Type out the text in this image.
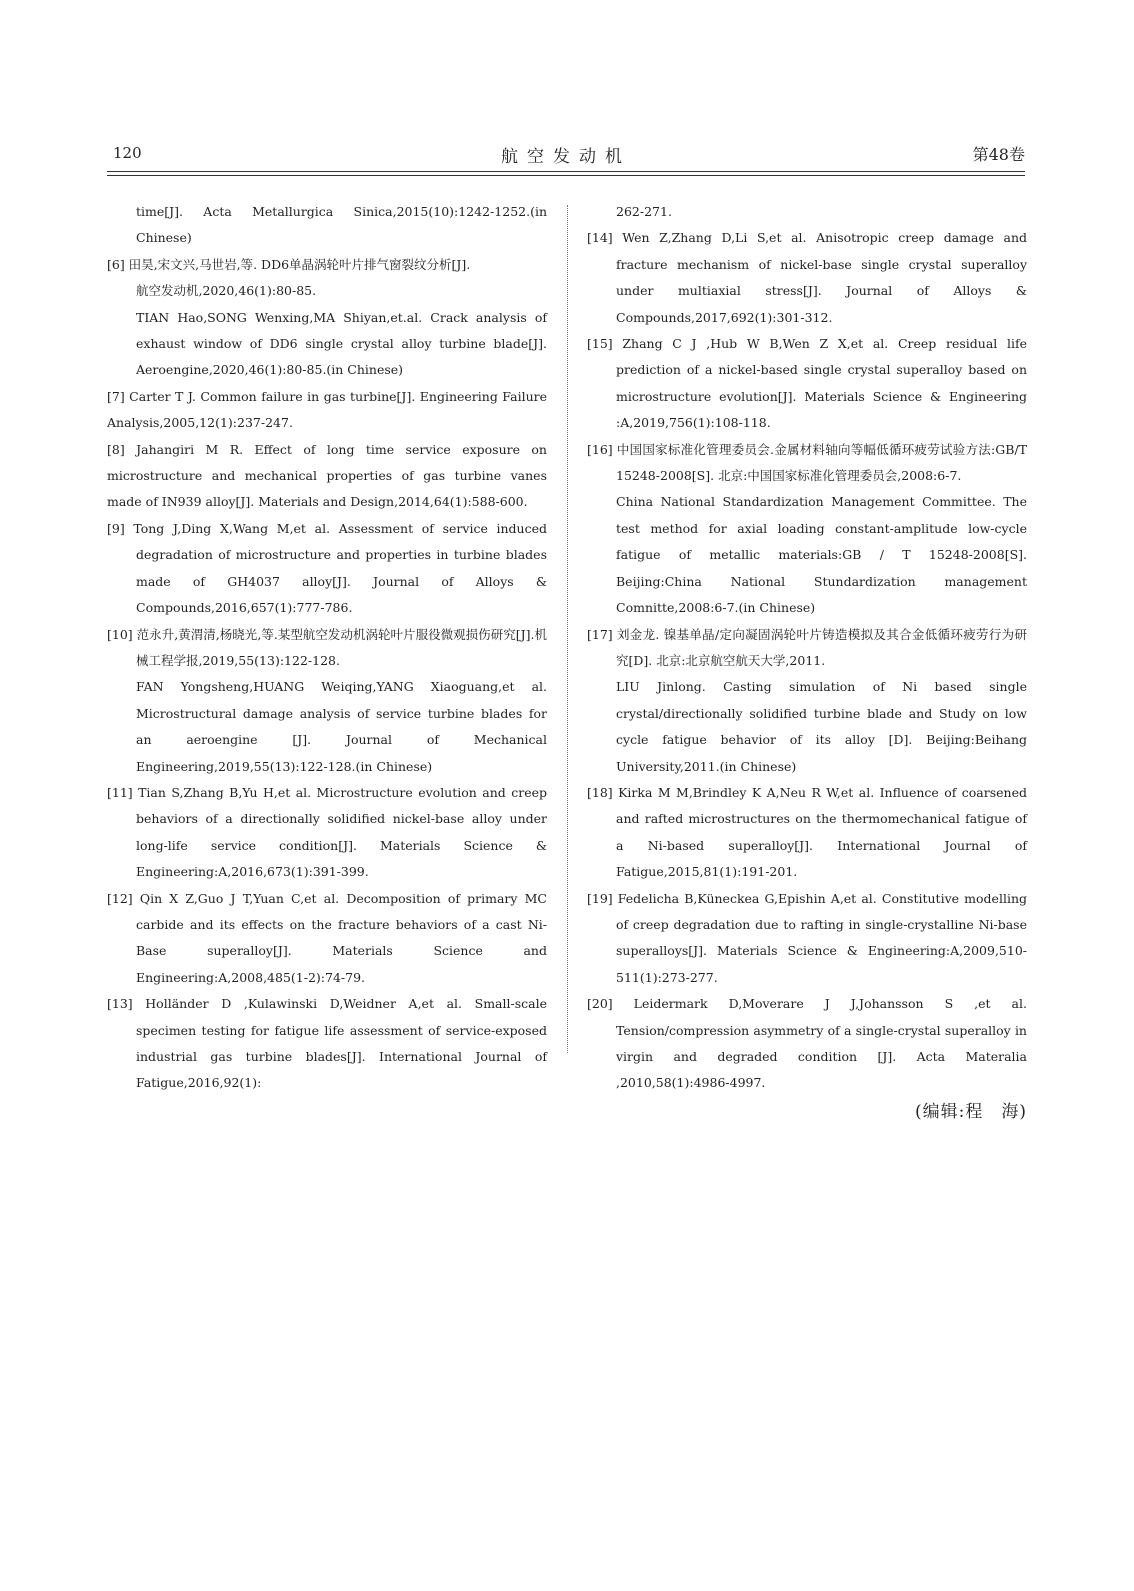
120	航空发动机	第48卷
time[J]. Acta Metallurgica Sinica,2015(10):1242-1252.(in Chinese)
[6] 田昊,宋文兴,马世岩,等. DD6单晶涡轮叶片排气窗裂纹分析[J].
航空发动机,2020,46(1):80-85.
TIAN Hao,SONG Wenxing,MA Shiyan,et.al. Crack analysis of exhaust window of DD6 single crystal alloy turbine blade[J]. Aeroengine,2020,46(1):80-85.(in Chinese)
[7] Carter T J. Common failure in gas turbine[J]. Engineering Failure Analysis,2005,12(1):237-247.
[8] Jahangiri M R. Effect of long time service exposure on microstructure and mechanical properties of gas turbine vanes made of IN939 alloy[J]. Materials and Design,2014,64(1):588-600.
[9] Tong J,Ding X,Wang M,et al. Assessment of service induced degradation of microstructure and properties in turbine blades made of GH4037 alloy[J]. Journal of Alloys & Compounds,2016,657(1):777-786.
[10] 范永升,黄渭清,杨晓光,等.某型航空发动机涡轮叶片服役微观损伤研究[J].机械工程学报,2019,55(13):122-128.
FAN Yongsheng,HUANG Weiqing,YANG Xiaoguang,et al. Microstructural damage analysis of service turbine blades for an aeroengine [J]. Journal of Mechanical Engineering,2019,55(13):122-128.(in Chinese)
[11] Tian S,Zhang B,Yu H,et al. Microstructure evolution and creep behaviors of a directionally solidified nickel-base alloy under long-life service condition[J]. Materials Science & Engineering:A,2016,673(1):391-399.
[12] Qin X Z,Guo J T,Yuan C,et al. Decomposition of primary MC carbide and its effects on the fracture behaviors of a cast Ni-Base superalloy[J]. Materials Science and Engineering:A,2008,485(1-2):74-79.
[13] Holländer D ,Kulawinski D,Weidner A,et al. Small-scale specimen testing for fatigue life assessment of service-exposed industrial gas turbine blades[J]. International Journal of Fatigue,2016,92(1):
262-271.
[14] Wen Z,Zhang D,Li S,et al. Anisotropic creep damage and fracture mechanism of nickel-base single crystal superalloy under multiaxial stress[J]. Journal of Alloys & Compounds,2017,692(1):301-312.
[15] Zhang C J ,Hub W B,Wen Z X,et al. Creep residual life prediction of a nickel-based single crystal superalloy based on microstructure evolution[J]. Materials Science & Engineering :A,2019,756(1):108-118.
[16] 中国国家标准化管理委员会.金属材料轴向等幅低循环疲劳试验方法:GB/T 15248-2008[S]. 北京:中国国家标准化管理委员会,2008:6-7.
China National Standardization Management Committee. The test method for axial loading constant-amplitude low-cycle fatigue of metallic materials:GB / T 15248-2008[S]. Beijing:China National Stundardization management Comnitte,2008:6-7.(in Chinese)
[17] 刘金龙. 镍基单晶/定向凝固涡轮叶片铸造模拟及其合金低循环疲劳行为研究[D]. 北京:北京航空航天大学,2011.
LIU Jinlong. Casting simulation of Ni based single crystal/directionally solidified turbine blade and Study on low cycle fatigue behavior of its alloy [D]. Beijing:Beihang University,2011.(in Chinese)
[18] Kirka M M,Brindley K A,Neu R W,et al. Influence of coarsened and rafted microstructures on the thermomechanical fatigue of a Ni-based superalloy[J]. International Journal of Fatigue,2015,81(1):191-201.
[19] Fedelicha B,Küneckea G,Epishin A,et al. Constitutive modelling of creep degradation due to rafting in single-crystalline Ni-base superalloys[J]. Materials Science & Engineering:A,2009,510-511(1):273-277.
[20] Leidermark D,Moverare J J,Johansson S ,et al. Tension/compression asymmetry of a single-crystal superalloy in virgin and degraded condition [J]. Acta Materalia ,2010,58(1):4986-4997.
(编辑:程　海)
